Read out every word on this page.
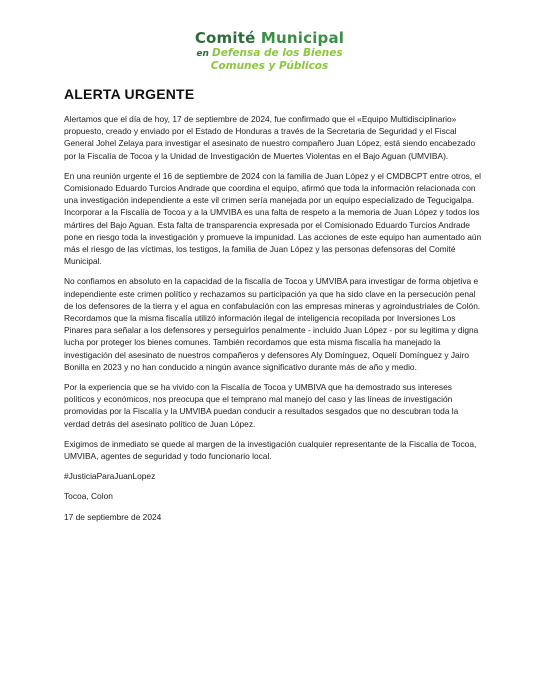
Comité Municipal
en Defensa de los Bienes
Comunes y Públicos
ALERTA URGENTE

Alertamos que el día de hoy, 17 de septiembre de 2024, fue confirmado que el «Equipo Multidisciplinario» propuesto, creado y enviado por el Estado de Honduras a través de la Secretaria de Seguridad y el Fiscal General Johel Zelaya para investigar el asesinato de nuestro compañero Juan López, está siendo encabezado por la Fiscalía de Tocoa y la Unidad de Investigación de Muertes Violentas en el Bajo Aguan (UMVIBA).

En una reunión urgente el 16 de septiembre de 2024 con la familia de Juan López y el CMDBCPT entre otros, el Comisionado Eduardo Turcios Andrade que coordina el equipo, afirmó que toda la información relacionada con una investigación independiente a este vil crimen sería manejada por un equipo especializado de Tegucigalpa. Incorporar a la Fiscalía de Tocoa y a la UMVIBA es una falta de respeto a la memoria de Juan López y todos los mártires del Bajo Aguan. Esta falta de transparencia expresada por el Comisionado Eduardo Turcios Andrade pone en riesgo toda la investigación y promueve la impunidad. Las acciones de este equipo han aumentado aún más el riesgo de las víctimas, los testigos, la familia de Juan López y las personas defensoras del Comité Municipal.

No confiamos en absoluto en la capacidad de la fiscalía de Tocoa y UMVIBA para investigar de forma objetiva e independiente este crimen político y rechazamos su participación ya que ha sido clave en la persecución penal de los defensores de la tierra y el agua en confabulación con las empresas mineras y agroindustriales de Colón. Recordamos que la misma fiscalía utilizó información ilegal de inteligencia recopilada por Inversiones Los Pinares para señalar a los defensores y perseguirlos penalmente - incluido Juan López - por su legitima y digna lucha por proteger los bienes comunes. También recordamos que esta misma fiscalía ha manejado la investigación del asesinato de nuestros compañeros y defensores Aly Domínguez, Oquelí Domínguez y Jairo Bonilla en 2023 y no han conducido a ningún avance significativo durante más de año y medio.

Por la experiencia que se ha vivido con la Fiscalía de Tocoa y UMBIVA que ha demostrado sus intereses políticos y económicos, nos preocupa que el temprano mal manejo del caso y las líneas de investigación promovidas por la Fiscalía y la UMVIBA puedan conducir a resultados sesgados que no descubran toda la verdad detrás del asesinato político de Juan López.

Exigimos de inmediato se quede al margen de la investigación cualquier representante de la Fiscalía de Tocoa, UMVIBA, agentes de seguridad y todo funcionario local.

#JusticiaParaJuanLopez

Tocoa, Colon

17 de septiembre de 2024
